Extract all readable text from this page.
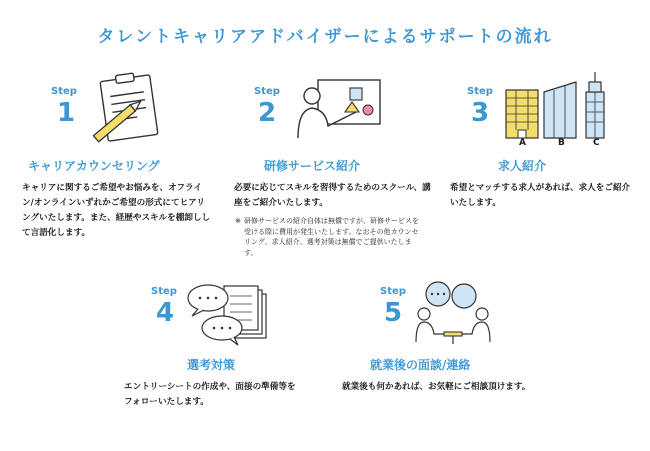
タレントキャリアアドバイザーによるサポートの流れ
Step
1
キャリアカウンセリング
キャリアに関するご希望やお悩みを、オフライン/オンラインいずれかご希望の形式にてヒアリングいたします。また、経歴やスキルを棚卸しして言語化します。
Step
2
研修サービス紹介
必要に応じてスキルを習得するためのスクール、講座をご紹介いたします。
※ 研修サービスの紹介自体は無償ですが、研修サービスを受ける際に費用が発生いたします。なおその他カウンセリング、求人紹介、選考対策は無償でご提供いたします。
Step
3
A	B	C
求人紹介
希望とマッチする求人があれば、求人をご紹介いたします。
Step
4
選考対策
エントリーシートの作成や、面接の準備等をフォローいたします。
Step
5
就業後の面談/連絡
就業後も何かあれば、お気軽にご相談頂けます。
